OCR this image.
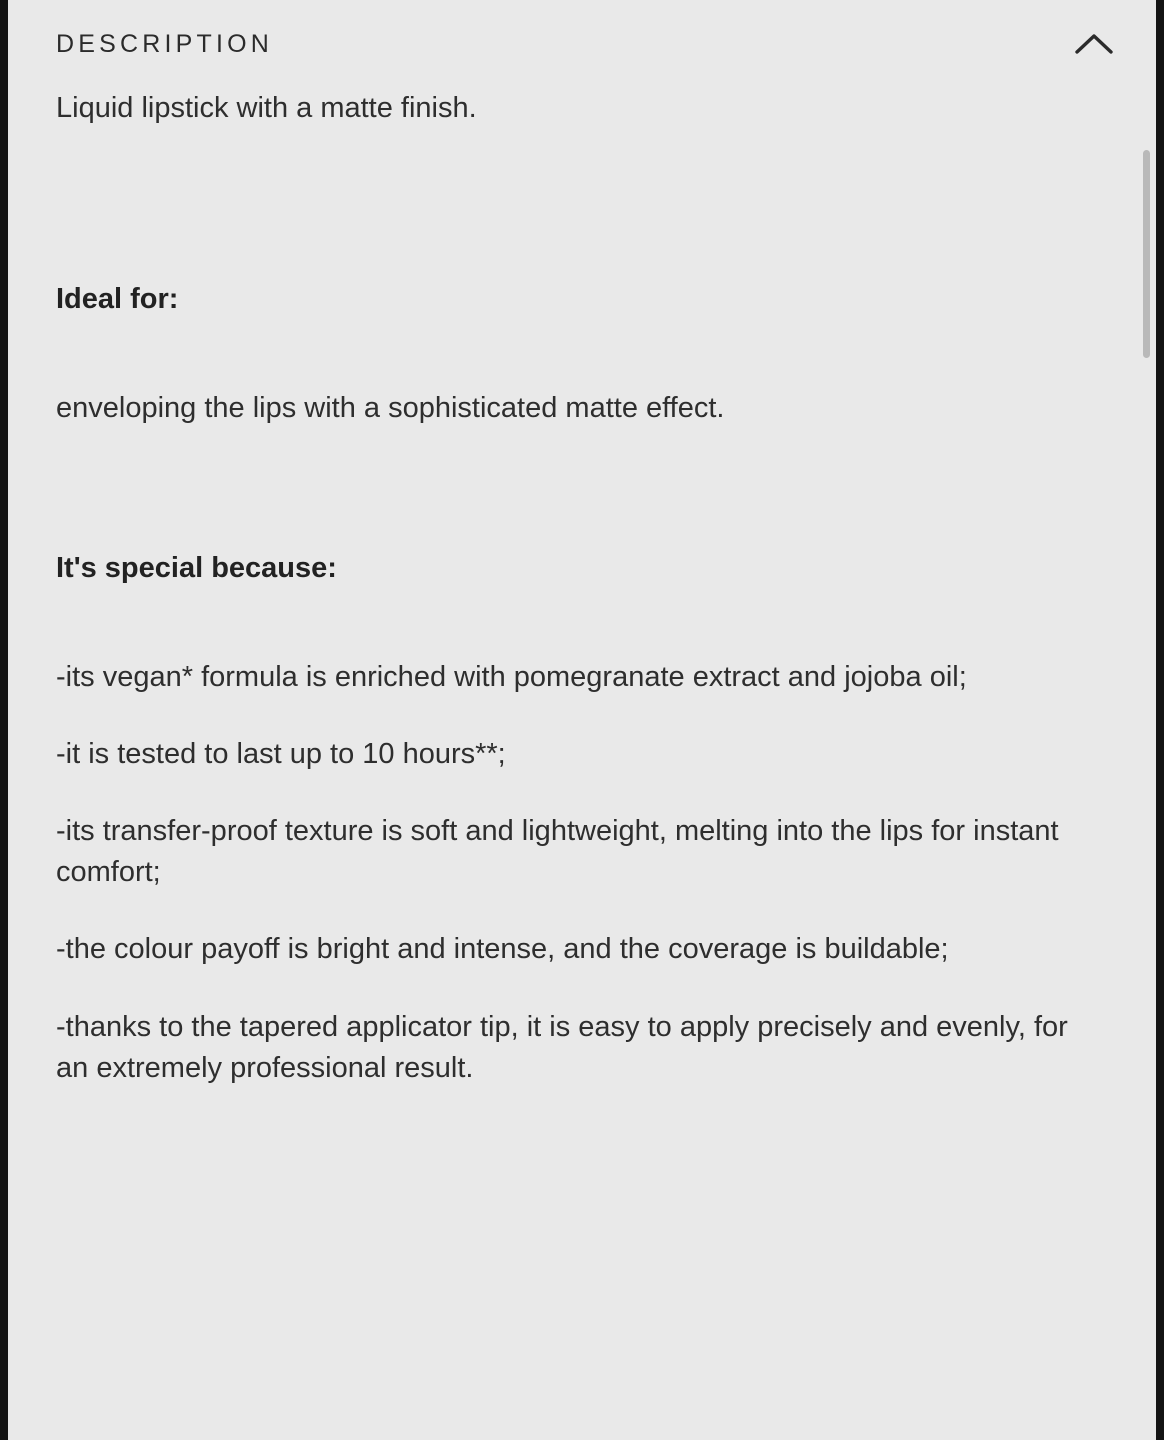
DESCRIPTION

Liquid lipstick with a matte finish.

Ideal for:

enveloping the lips with a sophisticated matte effect.

It's special because:

-its vegan* formula is enriched with pomegranate extract and jojoba oil;

-it is tested to last up to 10 hours**;

-its transfer-proof texture is soft and lightweight, melting into the lips for instant comfort;

-the colour payoff is bright and intense, and the coverage is buildable;

-thanks to the tapered applicator tip, it is easy to apply precisely and evenly, for an extremely professional result.
